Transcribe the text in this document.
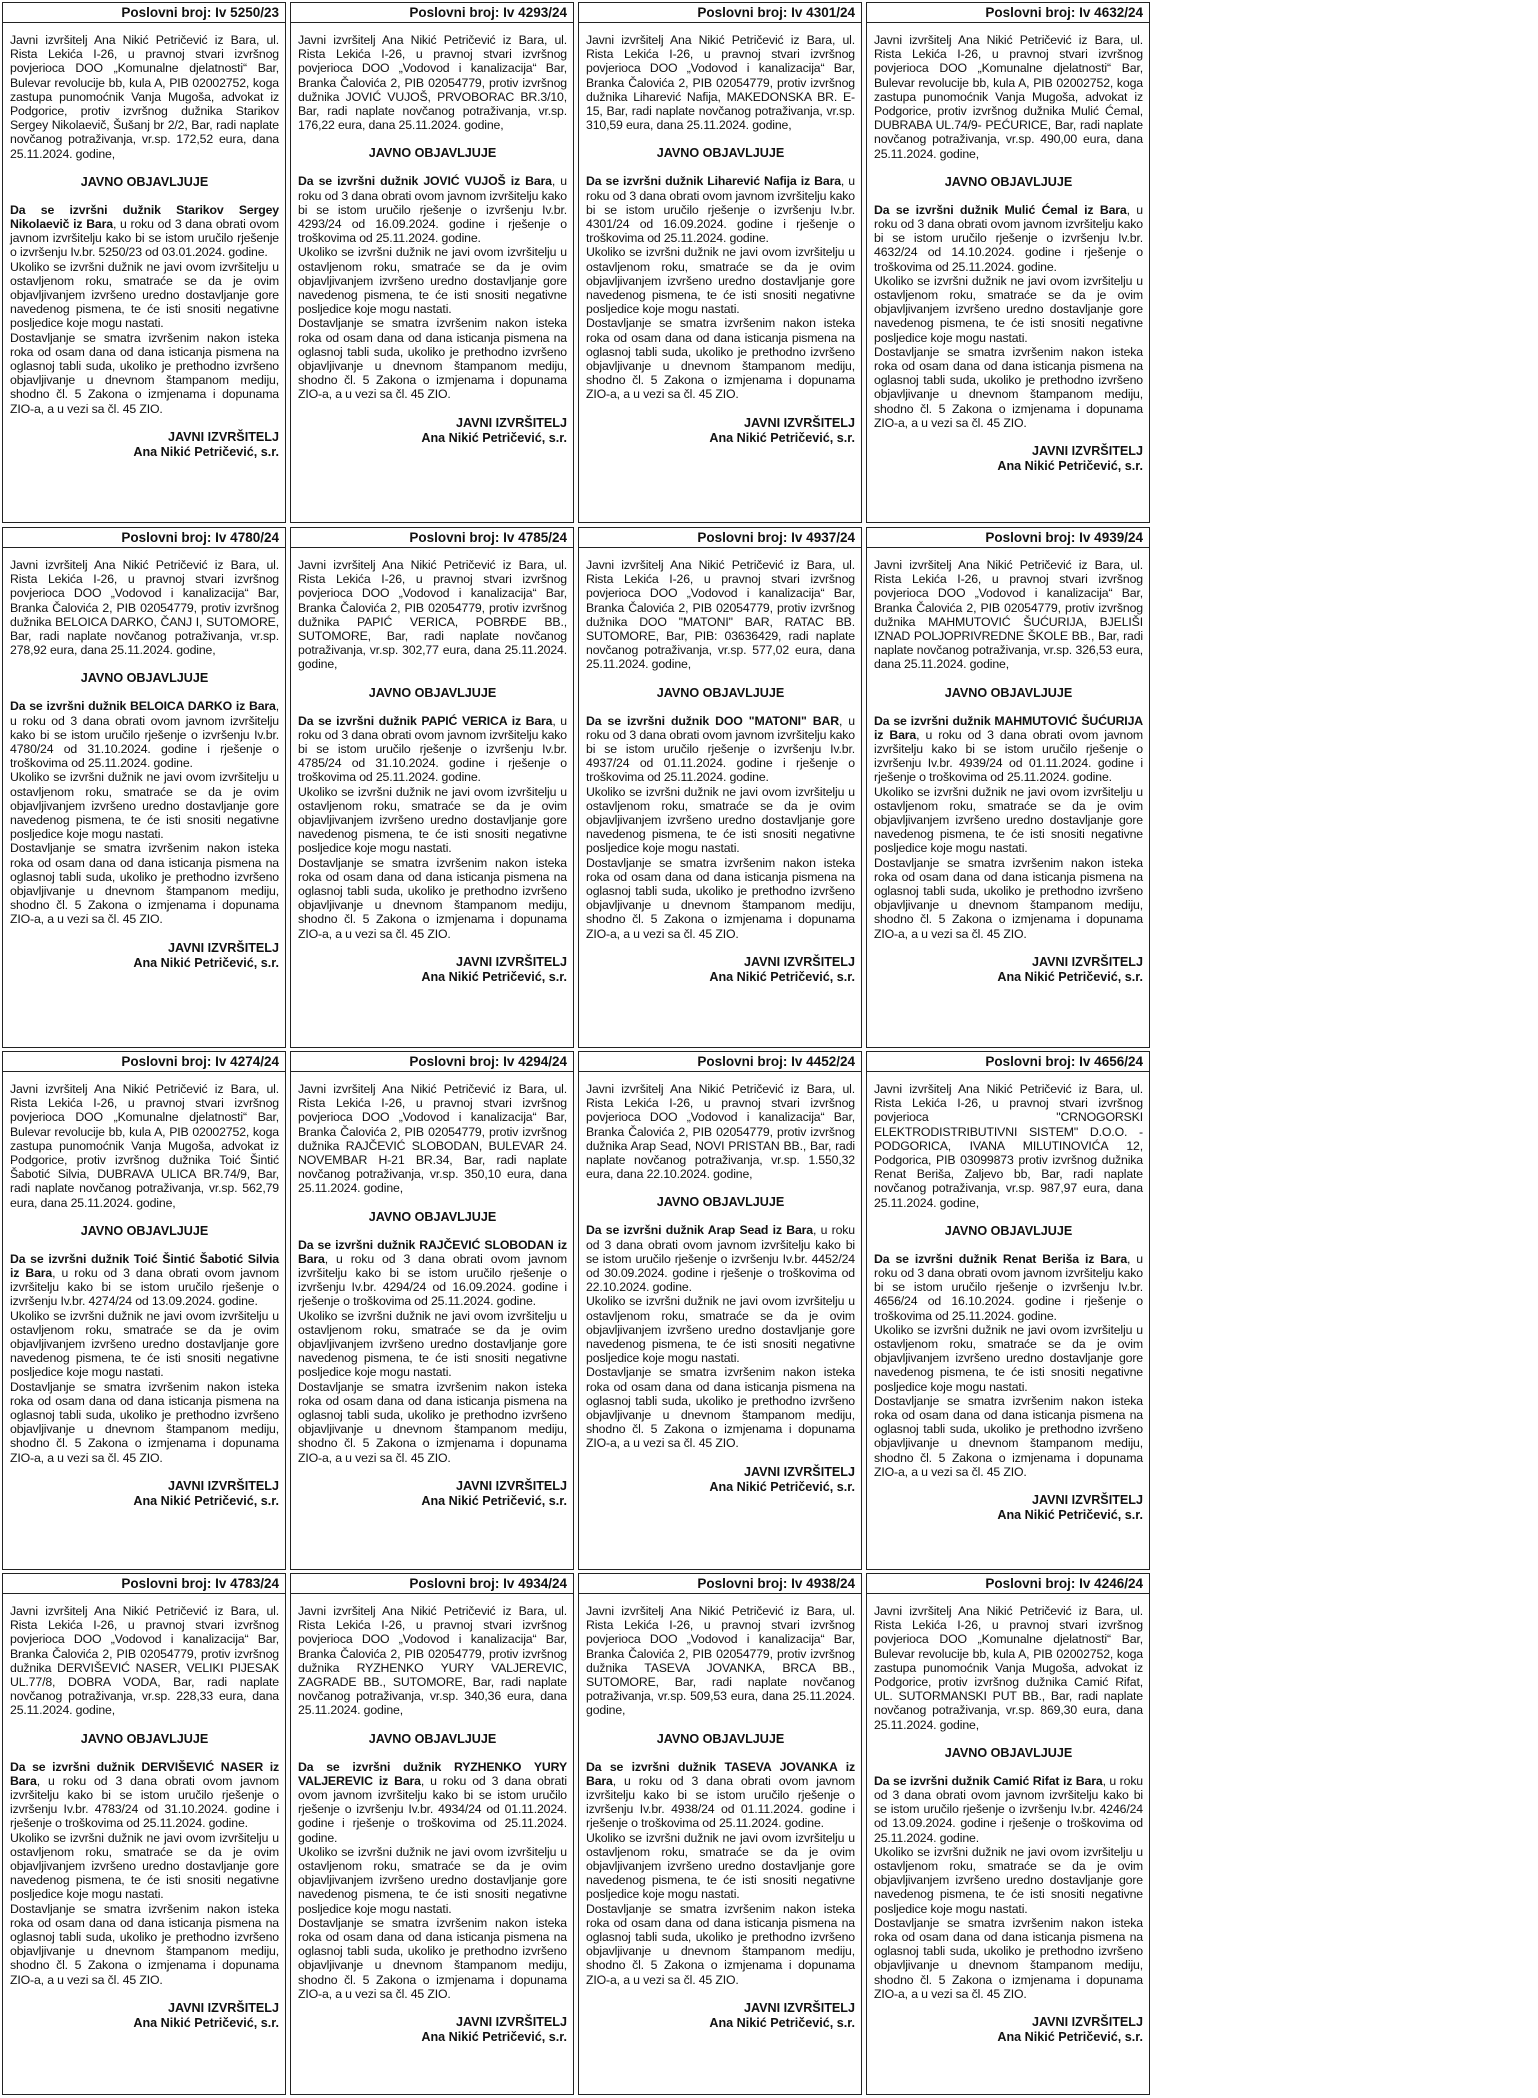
Poslovni broj: Iv 5250/23
Javni izvršitelj Ana Nikić Petričević iz Bara, ul. Rista Lekića I-26, u pravnoj stvari izvršnog povjerioca DOO „Komunalne djelatnosti“ Bar, Bulevar revolucije bb, kula A, PIB 02002752, koga zastupa punomoćnik Vanja Mugoša, advokat iz Podgorice, protiv izvršnog dužnika Starikov Sergey Nikolaevič, Šušanj br 2/2, Bar, radi naplate novčanog potraživanja, vr.sp. 172,52 eura, dana 25.11.2024. godine,
JAVNO OBJAVLJUJE

Da se izvršni dužnik Starikov Sergey Nikolaevič iz Bara, u roku od 3 dana obrati ovom javnom izvršitelju kako bi se istom uručilo rješenje o izvršenju Iv.br. 5250/23 od 03.01.2024. godine.

Ukoliko se izvršni dužnik ne javi ovom izvršitelju u ostavljenom roku, smatraće se da je ovim objavljivanjem izvršeno uredno dostavljanje gore navedenog pismena, te će isti snositi negativne posljedice koje mogu nastati.

Dostavljanje se smatra izvršenim nakon isteka roka od osam dana od dana isticanja pismena na oglasnoj tabli suda, ukoliko je prethodno izvršeno objavljivanje u dnevnom štampanom mediju, shodno čl. 5 Zakona o izmjenama i dopunama ZIO-a, a u vezi sa čl. 45 ZIO.

JAVNI IZVRŠITELJ
Ana Nikić Petričević, s.r.
Poslovni broj: Iv 4293/24
Javni izvršitelj Ana Nikić Petričević iz Bara, ul. Rista Lekića I-26, u pravnoj stvari izvršnog povjerioca DOO „Vodovod i kanalizacija“ Bar, Branka Čalovića 2, PIB 02054779, protiv izvršnog dužnika JOVIĆ VUJOŠ, PRVOBORAC BR.3/10, Bar, radi naplate novčanog potraživanja, vr.sp. 176,22 eura, dana 25.11.2024. godine,
JAVNO OBJAVLJUJE

Da se izvršni dužnik JOVIĆ VUJOŠ iz Bara, u roku od 3 dana obrati ovom javnom izvršitelju kako bi se istom uručilo rješenje o izvršenju Iv.br. 4293/24 od 16.09.2024. godine i rješenje o troškovima od 25.11.2024. godine.

Ukoliko se izvršni dužnik ne javi ovom izvršitelju u ostavljenom roku, smatraće se da je ovim objavljivanjem izvršeno uredno dostavljanje gore navedenog pismena, te će isti snositi negativne posljedice koje mogu nastati.

Dostavljanje se smatra izvršenim nakon isteka roka od osam dana od dana isticanja pismena na oglasnoj tabli suda, ukoliko je prethodno izvršeno objavljivanje u dnevnom štampanom mediju, shodno čl. 5 Zakona o izmjenama i dopunama ZIO-a, a u vezi sa čl. 45 ZIO.

JAVNI IZVRŠITELJ
Ana Nikić Petričević, s.r.
Poslovni broj: Iv 4301/24
Javni izvršitelj Ana Nikić Petričević iz Bara, ul. Rista Lekića I-26, u pravnoj stvari izvršnog povjerioca DOO „Vodovod i kanalizacija“ Bar, Branka Čalovića 2, PIB 02054779, protiv izvršnog dužnika Liharević Nafija, MAKEDONSKA BR. E-15, Bar, radi naplate novčanog potraživanja, vr.sp. 310,59 eura, dana 25.11.2024. godine,
JAVNO OBJAVLJUJE

Da se izvršni dužnik Liharević Nafija iz Bara, u roku od 3 dana obrati ovom javnom izvršitelju kako bi se istom uručilo rješenje o izvršenju Iv.br. 4301/24 od 16.09.2024. godine i rješenje o troškovima od 25.11.2024. godine.

Ukoliko se izvršni dužnik ne javi ovom izvršitelju u ostavljenom roku, smatraće se da je ovim objavljivanjem izvršeno uredno dostavljanje gore navedenog pismena, te će isti snositi negativne posljedice koje mogu nastati.

Dostavljanje se smatra izvršenim nakon isteka roka od osam dana od dana isticanja pismena na oglasnoj tabli suda, ukoliko je prethodno izvršeno objavljivanje u dnevnom štampanom mediju, shodno čl. 5 Zakona o izmjenama i dopunama ZIO-a, a u vezi sa čl. 45 ZIO.

JAVNI IZVRŠITELJ
Ana Nikić Petričević, s.r.
Poslovni broj: Iv 4632/24
Javni izvršitelj Ana Nikić Petričević iz Bara, ul. Rista Lekića I-26, u pravnoj stvari izvršnog povjerioca DOO „Komunalne djelatnosti“ Bar, Bulevar revolucije bb, kula A, PIB 02002752, koga zastupa punomoćnik Vanja Mugoša, advokat iz Podgorice, protiv izvršnog dužnika Mulić Ćemal, DUBRABA UL.74/9- PEĆURICE, Bar, radi naplate novčanog potraživanja, vr.sp. 490,00 eura, dana 25.11.2024. godine,
JAVNO OBJAVLJUJE

Da se izvršni dužnik Mulić Ćemal iz Bara, u roku od 3 dana obrati ovom javnom izvršitelju kako bi se istom uručilo rješenje o izvršenju Iv.br. 4632/24 od 14.10.2024. godine i rješenje o troškovima od 25.11.2024. godine.

Ukoliko se izvršni dužnik ne javi ovom izvršitelju u ostavljenom roku, smatraće se da je ovim objavljivanjem izvršeno uredno dostavljanje gore navedenog pismena, te će isti snositi negativne posljedice koje mogu nastati.

Dostavljanje se smatra izvršenim nakon isteka roka od osam dana od dana isticanja pismena na oglasnoj tabli suda, ukoliko je prethodno izvršeno objavljivanje u dnevnom štampanom mediju, shodno čl. 5 Zakona o izmjenama i dopunama ZIO-a, a u vezi sa čl. 45 ZIO.

JAVNI IZVRŠITELJ
Ana Nikić Petričević, s.r.
Poslovni broj: Iv 4780/24
Javni izvršitelj Ana Nikić Petričević iz Bara, ul. Rista Lekića I-26, u pravnoj stvari izvršnog povjerioca DOO „Vodovod i kanalizacija“ Bar, Branka Čalovića 2, PIB 02054779, protiv izvršnog dužnika BELOICA DARKO, ČANJ I, SUTOMORE, Bar, radi naplate novčanog potraživanja, vr.sp. 278,92 eura, dana 25.11.2024. godine,
JAVNO OBJAVLJUJE

Da se izvršni dužnik BELOICA DARKO iz Bara, u roku od 3 dana obrati ovom javnom izvršitelju kako bi se istom uručilo rješenje o izvršenju Iv.br. 4780/24 od 31.10.2024. godine i rješenje o troškovima od 25.11.2024. godine.

Ukoliko se izvršni dužnik ne javi ovom izvršitelju u ostavljenom roku, smatraće se da je ovim objavljivanjem izvršeno uredno dostavljanje gore navedenog pismena, te će isti snositi negativne posljedice koje mogu nastati.

Dostavljanje se smatra izvršenim nakon isteka roka od osam dana od dana isticanja pismena na oglasnoj tabli suda, ukoliko je prethodno izvršeno objavljivanje u dnevnom štampanom mediju, shodno čl. 5 Zakona o izmjenama i dopunama ZIO-a, a u vezi sa čl. 45 ZIO.

JAVNI IZVRŠITELJ
Ana Nikić Petričević, s.r.
Poslovni broj: Iv 4785/24
Javni izvršitelj Ana Nikić Petričević iz Bara, ul. Rista Lekića I-26, u pravnoj stvari izvršnog povjerioca DOO „Vodovod i kanalizacija“ Bar, Branka Čalovića 2, PIB 02054779, protiv izvršnog dužnika PAPIĆ VERICA, POBRĐE BB., SUTOMORE, Bar, radi naplate novčanog potraživanja, vr.sp. 302,77 eura, dana 25.11.2024. godine,
JAVNO OBJAVLJUJE

Da se izvršni dužnik PAPIĆ VERICA iz Bara, u roku od 3 dana obrati ovom javnom izvršitelju kako bi se istom uručilo rješenje o izvršenju Iv.br. 4785/24 od 31.10.2024. godine i rješenje o troškovima od 25.11.2024. godine.

Ukoliko se izvršni dužnik ne javi ovom izvršitelju u ostavljenom roku, smatraće se da je ovim objavljivanjem izvršeno uredno dostavljanje gore navedenog pismena, te će isti snositi negativne posljedice koje mogu nastati.

Dostavljanje se smatra izvršenim nakon isteka roka od osam dana od dana isticanja pismena na oglasnoj tabli suda, ukoliko je prethodno izvršeno objavljivanje u dnevnom štampanom mediju, shodno čl. 5 Zakona o izmjenama i dopunama ZIO-a, a u vezi sa čl. 45 ZIO.

JAVNI IZVRŠITELJ
Ana Nikić Petričević, s.r.
Poslovni broj: Iv 4937/24
Javni izvršitelj Ana Nikić Petričević iz Bara, ul. Rista Lekića I-26, u pravnoj stvari izvršnog povjerioca DOO „Vodovod i kanalizacija“ Bar, Branka Čalovića 2, PIB 02054779, protiv izvršnog dužnika DOO "MATONI" BAR, RATAC BB. SUTOMORE, Bar, PIB: 03636429, radi naplate novčanog potraživanja, vr.sp. 577,02 eura, dana 25.11.2024. godine,
JAVNO OBJAVLJUJE

Da se izvršni dužnik DOO "MATONI" BAR, u roku od 3 dana obrati ovom javnom izvršitelju kako bi se istom uručilo rješenje o izvršenju Iv.br. 4937/24 od 01.11.2024. godine i rješenje o troškovima od 25.11.2024. godine.

Ukoliko se izvršni dužnik ne javi ovom izvršitelju u ostavljenom roku, smatraće se da je ovim objavljivanjem izvršeno uredno dostavljanje gore navedenog pismena, te će isti snositi negativne posljedice koje mogu nastati.

Dostavljanje se smatra izvršenim nakon isteka roka od osam dana od dana isticanja pismena na oglasnoj tabli suda, ukoliko je prethodno izvršeno objavljivanje u dnevnom štampanom mediju, shodno čl. 5 Zakona o izmjenama i dopunama ZIO-a, a u vezi sa čl. 45 ZIO.

JAVNI IZVRŠITELJ
Ana Nikić Petričević, s.r.
Poslovni broj: Iv 4939/24
Javni izvršitelj Ana Nikić Petričević iz Bara, ul. Rista Lekića I-26, u pravnoj stvari izvršnog povjerioca DOO „Vodovod i kanalizacija“ Bar, Branka Čalovića 2, PIB 02054779, protiv izvršnog dužnika MAHMUTOVIĆ ŠUĆURIJA, BJELIŠI IZNAD POLJOPRIVREDNE ŠKOLE BB., Bar, radi naplate novčanog potraživanja, vr.sp. 326,53 eura, dana 25.11.2024. godine,
JAVNO OBJAVLJUJE

Da se izvršni dužnik MAHMUTOVIĆ ŠUĆURIJA iz Bara, u roku od 3 dana obrati ovom javnom izvršitelju kako bi se istom uručilo rješenje o izvršenju Iv.br. 4939/24 od 01.11.2024. godine i rješenje o troškovima od 25.11.2024. godine.

Ukoliko se izvršni dužnik ne javi ovom izvršitelju u ostavljenom roku, smatraće se da je ovim objavljivanjem izvršeno uredno dostavljanje gore navedenog pismena, te će isti snositi negativne posljedice koje mogu nastati.

Dostavljanje se smatra izvršenim nakon isteka roka od osam dana od dana isticanja pismena na oglasnoj tabli suda, ukoliko je prethodno izvršeno objavljivanje u dnevnom štampanom mediju, shodno čl. 5 Zakona o izmjenama i dopunama ZIO-a, a u vezi sa čl. 45 ZIO.

JAVNI IZVRŠITELJ
Ana Nikić Petričević, s.r.
Poslovni broj: Iv 4274/24
Javni izvršitelj Ana Nikić Petričević iz Bara, ul. Rista Lekića I-26, u pravnoj stvari izvršnog povjerioca DOO „Komunalne djelatnosti“ Bar, Bulevar revolucije bb, kula A, PIB 02002752, koga zastupa punomoćnik Vanja Mugoša, advokat iz Podgorice, protiv izvršnog dužnika Toić Šintić Šabotić Silvia, DUBRAVA ULICA BR.74/9, Bar, radi naplate novčanog potraživanja, vr.sp. 562,79 eura, dana 25.11.2024. godine,
JAVNO OBJAVLJUJE

Da se izvršni dužnik Toić Šintić Šabotić Silvia iz Bara, u roku od 3 dana obrati ovom javnom izvršitelju kako bi se istom uručilo rješenje o izvršenju Iv.br. 4274/24 od 13.09.2024. godine.

Ukoliko se izvršni dužnik ne javi ovom izvršitelju u ostavljenom roku, smatraće se da je ovim objavljivanjem izvršeno uredno dostavljanje gore navedenog pismena, te će isti snositi negativne posljedice koje mogu nastati.

Dostavljanje se smatra izvršenim nakon isteka roka od osam dana od dana isticanja pismena na oglasnoj tabli suda, ukoliko je prethodno izvršeno objavljivanje u dnevnom štampanom mediju, shodno čl. 5 Zakona o izmjenama i dopunama ZIO-a, a u vezi sa čl. 45 ZIO.

JAVNI IZVRŠITELJ
Ana Nikić Petričević, s.r.
Poslovni broj: Iv 4294/24
Javni izvršitelj Ana Nikić Petričević iz Bara, ul. Rista Lekića I-26, u pravnoj stvari izvršnog povjerioca DOO „Vodovod i kanalizacija“ Bar, Branka Čalovića 2, PIB 02054779, protiv izvršnog dužnika RAJČEVIĆ SLOBODAN, BULEVAR 24. NOVEMBAR H-21 BR.34, Bar, radi naplate novčanog potraživanja, vr.sp. 350,10 eura, dana 25.11.2024. godine,
JAVNO OBJAVLJUJE

Da se izvršni dužnik RAJČEVIĆ SLOBODAN iz Bara, u roku od 3 dana obrati ovom javnom izvršitelju kako bi se istom uručilo rješenje o izvršenju Iv.br. 4294/24 od 16.09.2024. godine i rješenje o troškovima od 25.11.2024. godine.

Ukoliko se izvršni dužnik ne javi ovom izvršitelju u ostavljenom roku, smatraće se da je ovim objavljivanjem izvršeno uredno dostavljanje gore navedenog pismena, te će isti snositi negativne posljedice koje mogu nastati.

Dostavljanje se smatra izvršenim nakon isteka roka od osam dana od dana isticanja pismena na oglasnoj tabli suda, ukoliko je prethodno izvršeno objavljivanje u dnevnom štampanom mediju, shodno čl. 5 Zakona o izmjenama i dopunama ZIO-a, a u vezi sa čl. 45 ZIO.

JAVNI IZVRŠITELJ
Ana Nikić Petričević, s.r.
Poslovni broj: Iv 4452/24
Javni izvršitelj Ana Nikić Petričević iz Bara, ul. Rista Lekića I-26, u pravnoj stvari izvršnog povjerioca DOO „Vodovod i kanalizacija“ Bar, Branka Čalovića 2, PIB 02054779, protiv izvršnog dužnika Arap Sead, NOVI PRISTAN BB., Bar, radi naplate novčanog potraživanja, vr.sp. 1.550,32 eura, dana 22.10.2024. godine,
JAVNO OBJAVLJUJE

Da se izvršni dužnik Arap Sead iz Bara, u roku od 3 dana obrati ovom javnom izvršitelju kako bi se istom uručilo rješenje o izvršenju Iv.br. 4452/24 od 30.09.2024. godine i rješenje o troškovima od 22.10.2024. godine.

Ukoliko se izvršni dužnik ne javi ovom izvršitelju u ostavljenom roku, smatraće se da je ovim objavljivanjem izvršeno uredno dostavljanje gore navedenog pismena, te će isti snositi negativne posljedice koje mogu nastati.

Dostavljanje se smatra izvršenim nakon isteka roka od osam dana od dana isticanja pismena na oglasnoj tabli suda, ukoliko je prethodno izvršeno objavljivanje u dnevnom štampanom mediju, shodno čl. 5 Zakona o izmjenama i dopunama ZIO-a, a u vezi sa čl. 45 ZIO.

JAVNI IZVRŠITELJ
Ana Nikić Petričević, s.r.
Poslovni broj: Iv 4656/24
Javni izvršitelj Ana Nikić Petričević iz Bara, ul. Rista Lekića I-26, u pravnoj stvari izvršnog povjerioca "CRNOGORSKI ELEKTRODISTRIBUTIVNI SISTEM" D.O.O. - PODGORICA, IVANA MILUTINOVIĆA 12, Podgorica, PIB 03099873 protiv izvršnog dužnika Renat Beriša, Zaljevo bb, Bar, radi naplate novčanog potraživanja, vr.sp. 987,97 eura, dana 25.11.2024. godine,
JAVNO OBJAVLJUJE

Da se izvršni dužnik Renat Beriša iz Bara, u roku od 3 dana obrati ovom javnom izvršitelju kako bi se istom uručilo rješenje o izvršenju Iv.br. 4656/24 od 16.10.2024. godine i rješenje o troškovima od 25.11.2024. godine.

Ukoliko se izvršni dužnik ne javi ovom izvršitelju u ostavljenom roku, smatraće se da je ovim objavljivanjem izvršeno uredno dostavljanje gore navedenog pismena, te će isti snositi negativne posljedice koje mogu nastati.

Dostavljanje se smatra izvršenim nakon isteka roka od osam dana od dana isticanja pismena na oglasnoj tabli suda, ukoliko je prethodno izvršeno objavljivanje u dnevnom štampanom mediju, shodno čl. 5 Zakona o izmjenama i dopunama ZIO-a, a u vezi sa čl. 45 ZIO.

JAVNI IZVRŠITELJ
Ana Nikić Petričević, s.r.
Poslovni broj: Iv 4783/24
Javni izvršitelj Ana Nikić Petričević iz Bara, ul. Rista Lekića I-26, u pravnoj stvari izvršnog povjerioca DOO „Vodovod i kanalizacija“ Bar, Branka Čalovića 2, PIB 02054779, protiv izvršnog dužnika DERVIŠEVIĆ NASER, VELIKI PIJESAK UL.77/8, DOBRA VODA, Bar, radi naplate novčanog potraživanja, vr.sp. 228,33 eura, dana 25.11.2024. godine,
JAVNO OBJAVLJUJE

Da se izvršni dužnik DERVIŠEVIĆ NASER iz Bara, u roku od 3 dana obrati ovom javnom izvršitelju kako bi se istom uručilo rješenje o izvršenju Iv.br. 4783/24 od 31.10.2024. godine i rješenje o troškovima od 25.11.2024. godine.

Ukoliko se izvršni dužnik ne javi ovom izvršitelju u ostavljenom roku, smatraće se da je ovim objavljivanjem izvršeno uredno dostavljanje gore navedenog pismena, te će isti snositi negativne posljedice koje mogu nastati.

Dostavljanje se smatra izvršenim nakon isteka roka od osam dana od dana isticanja pismena na oglasnoj tabli suda, ukoliko je prethodno izvršeno objavljivanje u dnevnom štampanom mediju, shodno čl. 5 Zakona o izmjenama i dopunama ZIO-a, a u vezi sa čl. 45 ZIO.

JAVNI IZVRŠITELJ
Ana Nikić Petričević, s.r.
Poslovni broj: Iv 4934/24
Javni izvršitelj Ana Nikić Petričević iz Bara, ul. Rista Lekića I-26, u pravnoj stvari izvršnog povjerioca DOO „Vodovod i kanalizacija“ Bar, Branka Čalovića 2, PIB 02054779, protiv izvršnog dužnika RYZHENKO YURY VALJEREVIC, ZAGRADE BB., SUTOMORE, Bar, radi naplate novčanog potraživanja, vr.sp. 340,36 eura, dana 25.11.2024. godine,
JAVNO OBJAVLJUJE

Da se izvršni dužnik RYZHENKO YURY VALJEREVIC iz Bara, u roku od 3 dana obrati ovom javnom izvršitelju kako bi se istom uručilo rješenje o izvršenju Iv.br. 4934/24 od 01.11.2024. godine i rješenje o troškovima od 25.11.2024. godine.

Ukoliko se izvršni dužnik ne javi ovom izvršitelju u ostavljenom roku, smatraće se da je ovim objavljivanjem izvršeno uredno dostavljanje gore navedenog pismena, te će isti snositi negativne posljedice koje mogu nastati.

Dostavljanje se smatra izvršenim nakon isteka roka od osam dana od dana isticanja pismena na oglasnoj tabli suda, ukoliko je prethodno izvršeno objavljivanje u dnevnom štampanom mediju, shodno čl. 5 Zakona o izmjenama i dopunama ZIO-a, a u vezi sa čl. 45 ZIO.

JAVNI IZVRŠITELJ
Ana Nikić Petričević, s.r.
Poslovni broj: Iv 4938/24
Javni izvršitelj Ana Nikić Petričević iz Bara, ul. Rista Lekića I-26, u pravnoj stvari izvršnog povjerioca DOO „Vodovod i kanalizacija“ Bar, Branka Čalovića 2, PIB 02054779, protiv izvršnog dužnika TASEVA JOVANKA, BRCA BB., SUTOMORE, Bar, radi naplate novčanog potraživanja, vr.sp. 509,53 eura, dana 25.11.2024. godine,
JAVNO OBJAVLJUJE

Da se izvršni dužnik TASEVA JOVANKA iz Bara, u roku od 3 dana obrati ovom javnom izvršitelju kako bi se istom uručilo rješenje o izvršenju Iv.br. 4938/24 od 01.11.2024. godine i rješenje o troškovima od 25.11.2024. godine.

Ukoliko se izvršni dužnik ne javi ovom izvršitelju u ostavljenom roku, smatraće se da je ovim objavljivanjem izvršeno uredno dostavljanje gore navedenog pismena, te će isti snositi negativne posljedice koje mogu nastati.

Dostavljanje se smatra izvršenim nakon isteka roka od osam dana od dana isticanja pismena na oglasnoj tabli suda, ukoliko je prethodno izvršeno objavljivanje u dnevnom štampanom mediju, shodno čl. 5 Zakona o izmjenama i dopunama ZIO-a, a u vezi sa čl. 45 ZIO.

JAVNI IZVRŠITELJ
Ana Nikić Petričević, s.r.
Poslovni broj: Iv 4246/24
Javni izvršitelj Ana Nikić Petričević iz Bara, ul. Rista Lekića I-26, u pravnoj stvari izvršnog povjerioca DOO „Komunalne djelatnosti“ Bar, Bulevar revolucije bb, kula A, PIB 02002752, koga zastupa punomoćnik Vanja Mugoša, advokat iz Podgorice, protiv izvršnog dužnika Camić Rifat, UL. SUTORMANSKI PUT BB., Bar, radi naplate novčanog potraživanja, vr.sp. 869,30 eura, dana 25.11.2024. godine,
JAVNO OBJAVLJUJE

Da se izvršni dužnik Camić Rifat iz Bara, u roku od 3 dana obrati ovom javnom izvršitelju kako bi se istom uručilo rješenje o izvršenju Iv.br. 4246/24 od 13.09.2024. godine i rješenje o troškovima od 25.11.2024. godine.

Ukoliko se izvršni dužnik ne javi ovom izvršitelju u ostavljenom roku, smatraće se da je ovim objavljivanjem izvršeno uredno dostavljanje gore navedenog pismena, te će isti snositi negativne posljedice koje mogu nastati.

Dostavljanje se smatra izvršenim nakon isteka roka od osam dana od dana isticanja pismena na oglasnoj tabli suda, ukoliko je prethodno izvršeno objavljivanje u dnevnom štampanom mediju, shodno čl. 5 Zakona o izmjenama i dopunama ZIO-a, a u vezi sa čl. 45 ZIO.

JAVNI IZVRŠITELJ
Ana Nikić Petričević, s.r.
